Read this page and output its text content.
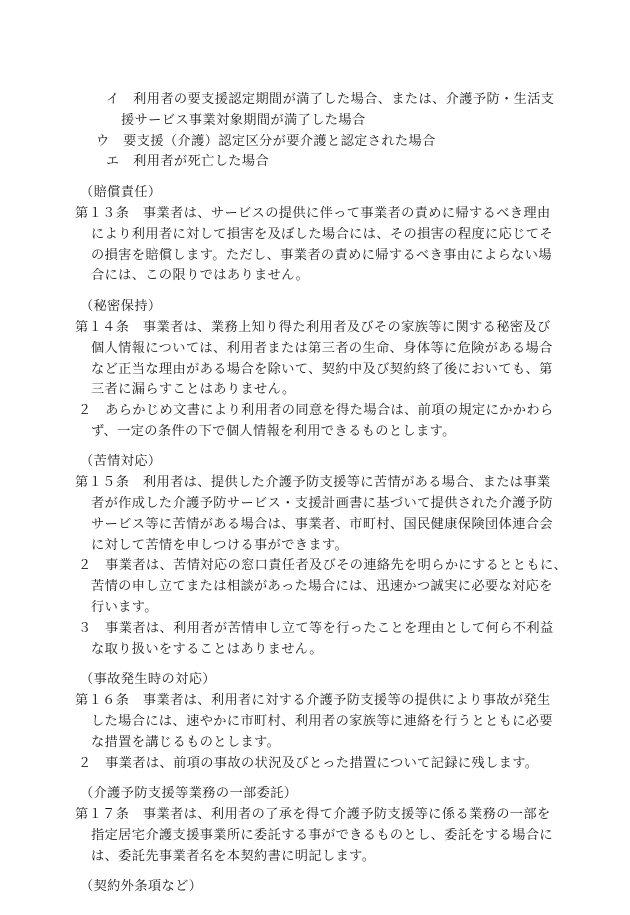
イ　利用者の要支援認定期間が満了した場合、または、介護予防・生活支
援サービス事業対象期間が満了した場合
ウ　要支援（介護）認定区分が要介護と認定された場合
エ　利用者が死亡した場合
（賠償責任）
第１３条　事業者は、サービスの提供に伴って事業者の責めに帰するべき理由
により利用者に対して損害を及ぼした場合には、その損害の程度に応じてそ
の損害を賠償します。ただし、事業者の責めに帰するべき事由によらない場
合には、この限りではありません。
（秘密保持）
第１４条　事業者は、業務上知り得た利用者及びその家族等に関する秘密及び
個人情報については、利用者または第三者の生命、身体等に危険がある場合
など正当な理由がある場合を除いて、契約中及び契約終了後においても、第
三者に漏らすことはありません。
２　あらかじめ文書により利用者の同意を得た場合は、前項の規定にかかわら
ず、一定の条件の下で個人情報を利用できるものとします。
（苦情対応）
第１５条　利用者は、提供した介護予防支援等に苦情がある場合、または事業
者が作成した介護予防サービス・支援計画書に基づいて提供された介護予防
サービス等に苦情がある場合は、事業者、市町村、国民健康保険団体連合会
に対して苦情を申しつける事ができます。
２　事業者は、苦情対応の窓口責任者及びその連絡先を明らかにするとともに、
苦情の申し立てまたは相談があった場合には、迅速かつ誠実に必要な対応を
行います。
３　事業者は、利用者が苦情申し立て等を行ったことを理由として何ら不利益
な取り扱いをすることはありません。
（事故発生時の対応）
第１６条　事業者は、利用者に対する介護予防支援等の提供により事故が発生
した場合には、速やかに市町村、利用者の家族等に連絡を行うとともに必要
な措置を講じるものとします。
２　事業者は、前項の事故の状況及びとった措置について記録に残します。
（介護予防支援等業務の一部委託）
第１７条　事業者は、利用者の了承を得て介護予防支援等に係る業務の一部を
指定居宅介護支援事業所に委託する事ができるものとし、委託をする場合に
は、委託先事業者名を本契約書に明記します。
（契約外条項など）
